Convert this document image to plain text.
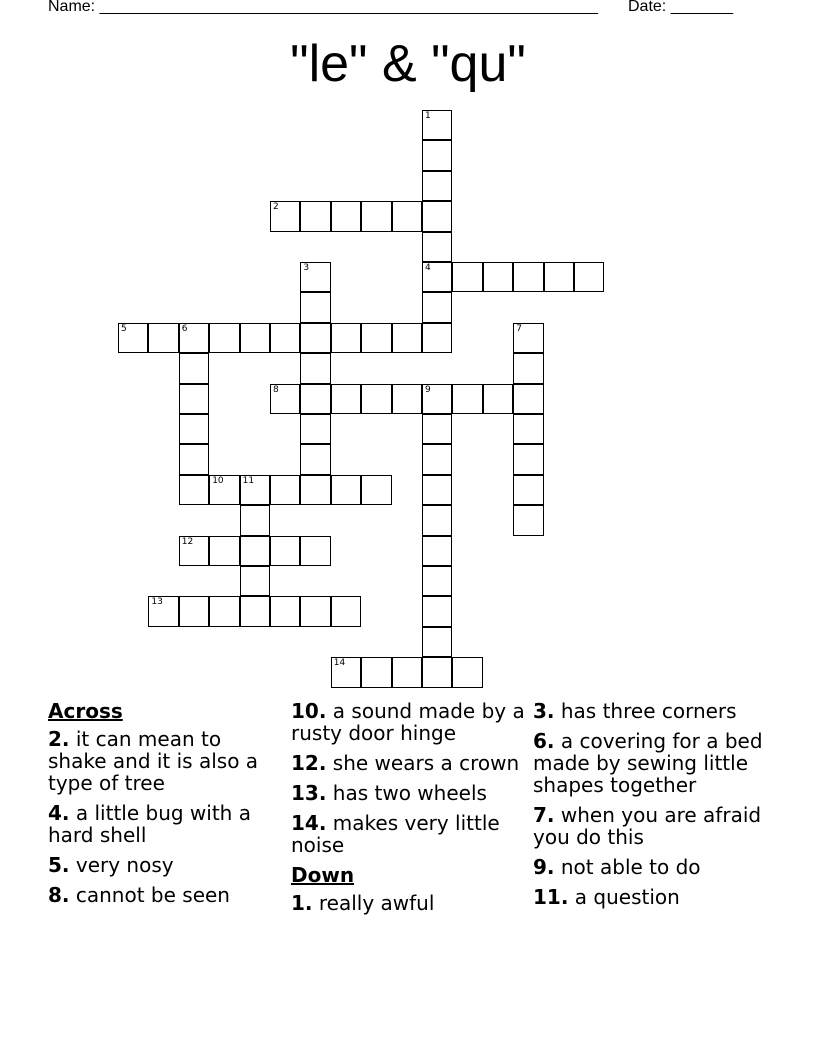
Name: ________________________________________________________ Date: _______
"le" & "qu"
1
4
2
3
5	6	7
8	9
10 11
12
13
14
Across
2. it can mean to shake and it is also a type of tree
4. a little bug with a hard shell
5. very nosy
8. cannot be seen
10. a sound made by a rusty door hinge
12. she wears a crown
13. has two wheels
14. makes very little noise
Down
1. really awful
3. has three corners
6. a covering for a bed made by sewing little shapes together
7. when you are afraid you do this
9. not able to do
11. a question
